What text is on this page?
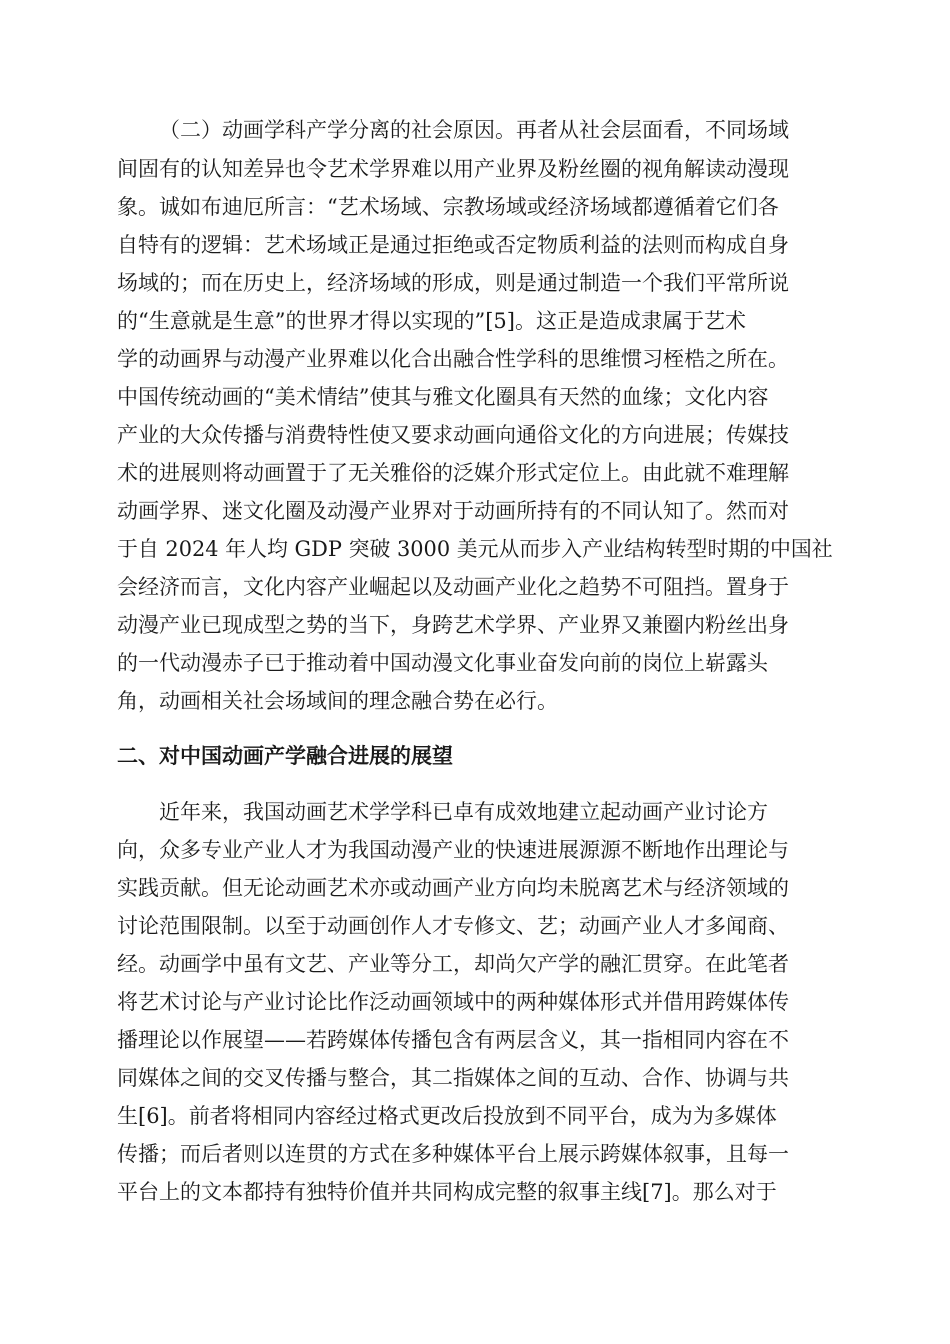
（二）动画学科产学分离的社会原因。再者从社会层面看，不同场域
间固有的认知差异也令艺术学界难以用产业界及粉丝圈的视角解读动漫现
象。诚如布迪厄所言：“艺术场域、宗教场域或经济场域都遵循着它们各
自特有的逻辑：艺术场域正是通过拒绝或否定物质利益的法则而构成自身
场域的；而在历史上，经济场域的形成，则是通过制造一个我们平常所说
的“生意就是生意”的世界才得以实现的”[5]。这正是造成隶属于艺术
学的动画界与动漫产业界难以化合出融合性学科的思维惯习桎梏之所在。
中国传统动画的“美术情结”使其与雅文化圈具有天然的血缘；文化内容
产业的大众传播与消费特性使又要求动画向通俗文化的方向进展；传媒技
术的进展则将动画置于了无关雅俗的泛媒介形式定位上。由此就不难理解
动画学界、迷文化圈及动漫产业界对于动画所持有的不同认知了。然而对
于自 2024 年人均 GDP 突破 3000 美元从而步入产业结构转型时期的中国社
会经济而言，文化内容产业崛起以及动画产业化之趋势不可阻挡。置身于
动漫产业已现成型之势的当下，身跨艺术学界、产业界又兼圈内粉丝出身
的一代动漫赤子已于推动着中国动漫文化事业奋发向前的岗位上崭露头
角，动画相关社会场域间的理念融合势在必行。
二、对中国动画产学融合进展的展望
近年来，我国动画艺术学学科已卓有成效地建立起动画产业讨论方
向，众多专业产业人才为我国动漫产业的快速进展源源不断地作出理论与
实践贡献。但无论动画艺术亦或动画产业方向均未脱离艺术与经济领域的
讨论范围限制。以至于动画创作人才专修文、艺；动画产业人才多闻商、
经。动画学中虽有文艺、产业等分工，却尚欠产学的融汇贯穿。在此笔者
将艺术讨论与产业讨论比作泛动画领域中的两种媒体形式并借用跨媒体传
播理论以作展望——若跨媒体传播包含有两层含义，其一指相同内容在不
同媒体之间的交叉传播与整合，其二指媒体之间的互动、合作、协调与共
生[6]。前者将相同内容经过格式更改后投放到不同平台，成为为多媒体
传播；而后者则以连贯的方式在多种媒体平台上展示跨媒体叙事，且每一
平台上的文本都持有独特价值并共同构成完整的叙事主线[7]。那么对于
